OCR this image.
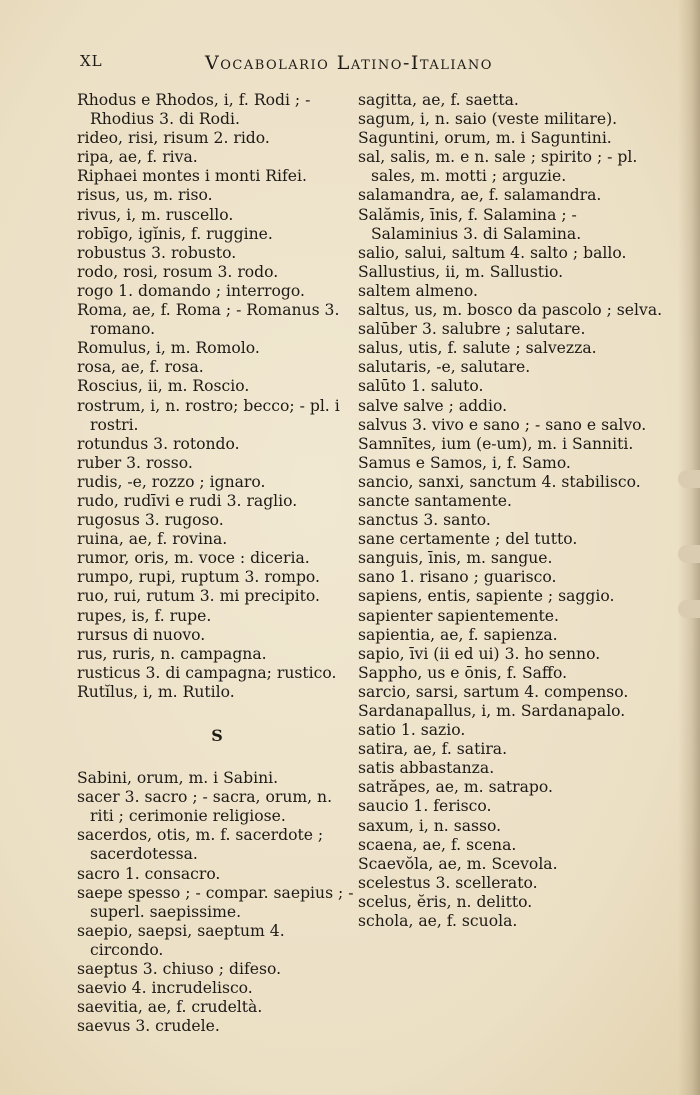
XL	Vocabolario Latino-Italiano
Rhodus e Rhodos, i, f. Rodi ; - Rhodius 3. di Rodi.
rideo, risi, risum 2. rido.
ripa, ae, f. riva.
Riphaei montes i monti Rifei.
risus, us, m. riso.
rivus, i, m. ruscello.
robīgo, igĭnis, f. ruggine.
robustus 3. robusto.
rodo, rosi, rosum 3. rodo.
rogo 1. domando ; interrogo.
Roma, ae, f. Roma ; - Romanus 3. romano.
Romulus, i, m. Romolo.
rosa, ae, f. rosa.
Roscius, ii, m. Roscio.
rostrum, i, n. rostro; becco; - pl. i rostri.
rotundus 3. rotondo.
ruber 3. rosso.
rudis, -e, rozzo ; ignaro.
rudo, rudīvi e rudi 3. raglio.
rugosus 3. rugoso.
ruina, ae, f. rovina.
rumor, oris, m. voce : diceria.
rumpo, rupi, ruptum 3. rompo.
ruo, rui, rutum 3. mi precipito.
rupes, is, f. rupe.
rursus di nuovo.
rus, ruris, n. campagna.
rusticus 3. di campagna; rustico.
Rutĭlus, i, m. Rutilo.
S
Sabini, orum, m. i Sabini.
sacer 3. sacro ; - sacra, orum, n. riti ; cerimonie religiose.
sacerdos, otis, m. f. sacerdote ; sacerdotessa.
sacro 1. consacro.
saepe spesso ; - compar. saepius ; - superl. saepissime.
saepio, saepsi, saeptum 4. circondo.
saeptus 3. chiuso ; difeso.
saevio 4. incrudelisco.
saevitia, ae, f. crudeltà.
saevus 3. crudele.
sagitta, ae, f. saetta.
sagum, i, n. saio (veste militare).
Saguntini, orum, m. i Saguntini.
sal, salis, m. e n. sale ; spirito ; - pl. sales, m. motti ; arguzie.
salamandra, ae, f. salamandra.
Salămis, īnis, f. Salamina ; - Salaminius 3. di Salamina.
salio, salui, saltum 4. salto ; ballo.
Sallustius, ii, m. Sallustio.
saltem almeno.
saltus, us, m. bosco da pascolo ; selva.
salūber 3. salubre ; salutare.
salus, utis, f. salute ; salvezza.
salutaris, -e, salutare.
salūto 1. saluto.
salve salve ; addio.
salvus 3. vivo e sano ; - sano e salvo.
Samnītes, ium (e-um), m. i Sanniti.
Samus e Samos, i, f. Samo.
sancio, sanxi, sanctum 4. stabilisco.
sancte santamente.
sanctus 3. santo.
sane certamente ; del tutto.
sanguis, īnis, m. sangue.
sano 1. risano ; guarisco.
sapiens, entis, sapiente ; saggio.
sapienter sapientemente.
sapientia, ae, f. sapienza.
sapio, īvi (ii ed ui) 3. ho senno.
Sappho, us e ōnis, f. Saffo.
sarcio, sarsi, sartum 4. compenso.
Sardanapallus, i, m. Sardanapalo.
satio 1. sazio.
satira, ae, f. satira.
satis abbastanza.
satrăpes, ae, m. satrapo.
saucio 1. ferisco.
saxum, i, n. sasso.
scaena, ae, f. scena.
Scaevŏla, ae, m. Scevola.
scelestus 3. scellerato.
scelus, ĕris, n. delitto.
schola, ae, f. scuola.
